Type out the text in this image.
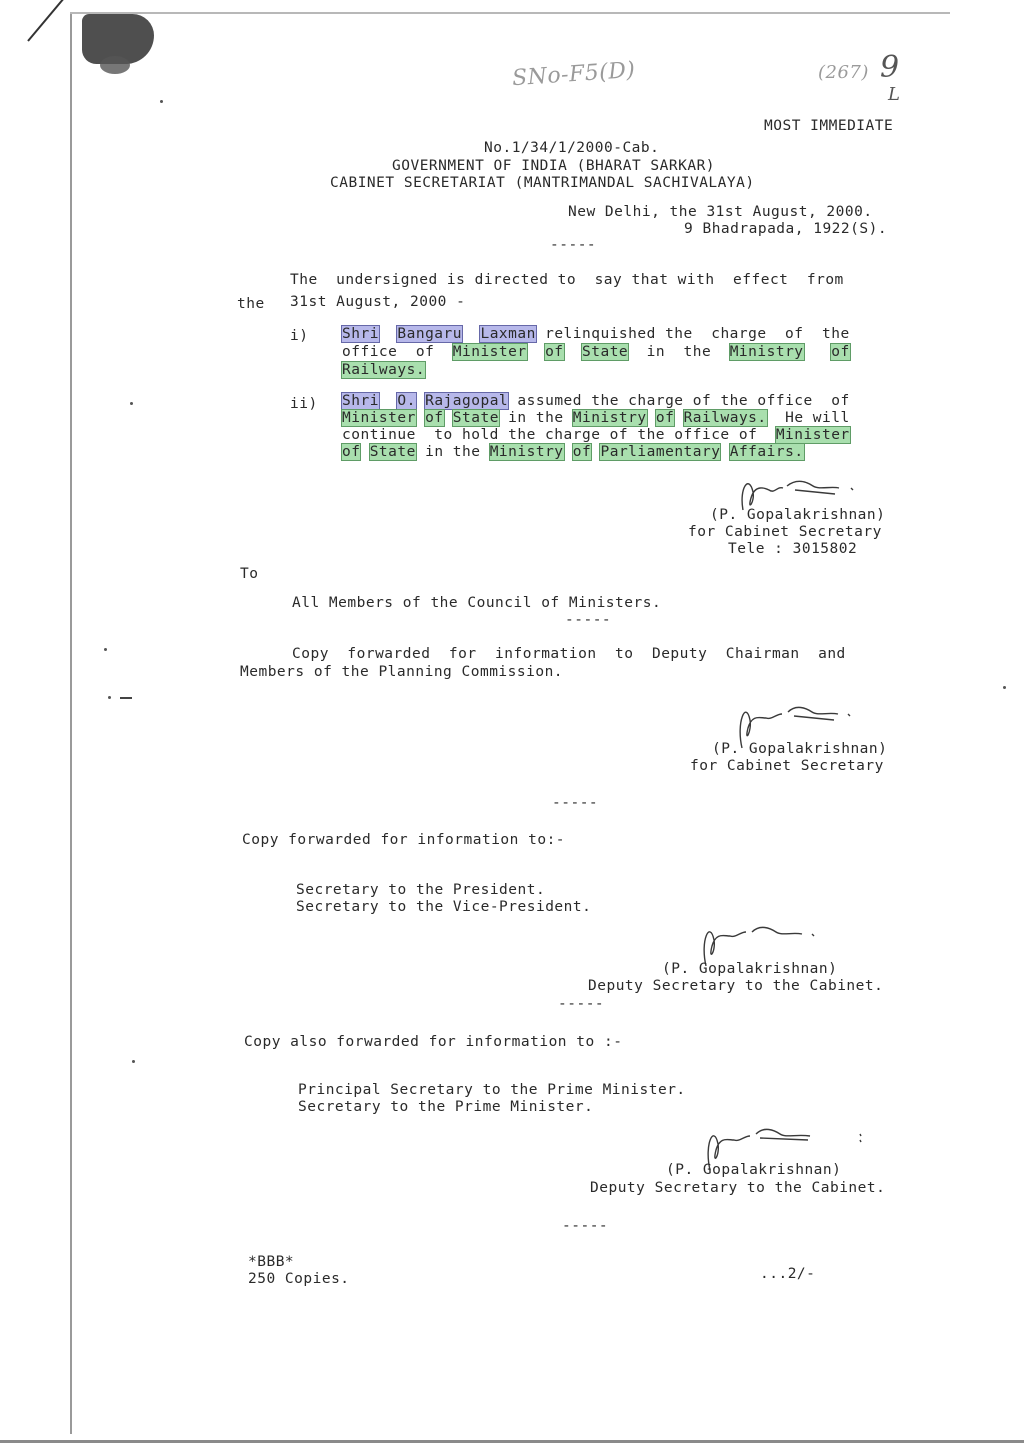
SNo-F5(D)	(267) 9
L
MOST IMMEDIATE
No.1/34/1/2000-Cab.
GOVERNMENT OF INDIA (BHARAT SARKAR)
CABINET SECRETARIAT (MANTRIMANDAL SACHIVALAYA)
New Delhi, the 31st August, 2000.
9 Bhadrapada, 1922(S).
-----
The  undersigned is directed to  say that with  effect  from
the 31st August, 2000 -
i) Shri Bangaru Laxman relinquished the  charge  of  the
office  of  Minister of State  in  the  Ministry of
Railways.
ii) Shri O. Rajagopal assumed the charge of the office  of
Minister of State in the Ministry of Railways.  He will
continue  to hold the charge of the office of  Minister
of State in the Ministry of Parliamentary Affairs.
(P. Gopalakrishnan)
for Cabinet Secretary
Tele : 3015802
To
All Members of the Council of Ministers.
-----
Copy  forwarded  for  information  to  Deputy  Chairman  and
Members of the Planning Commission.
(P. Gopalakrishnan)
for Cabinet Secretary
-----
Copy forwarded for information to:-
Secretary to the President.
Secretary to the Vice-President.
(P. Gopalakrishnan)
Deputy Secretary to the Cabinet.
-----
Copy also forwarded for information to :-
Principal Secretary to the Prime Minister.
Secretary to the Prime Minister.
(P. Gopalakrishnan)
Deputy Secretary to the Cabinet.
-----
*BBB*
250 Copies.	...2/-
